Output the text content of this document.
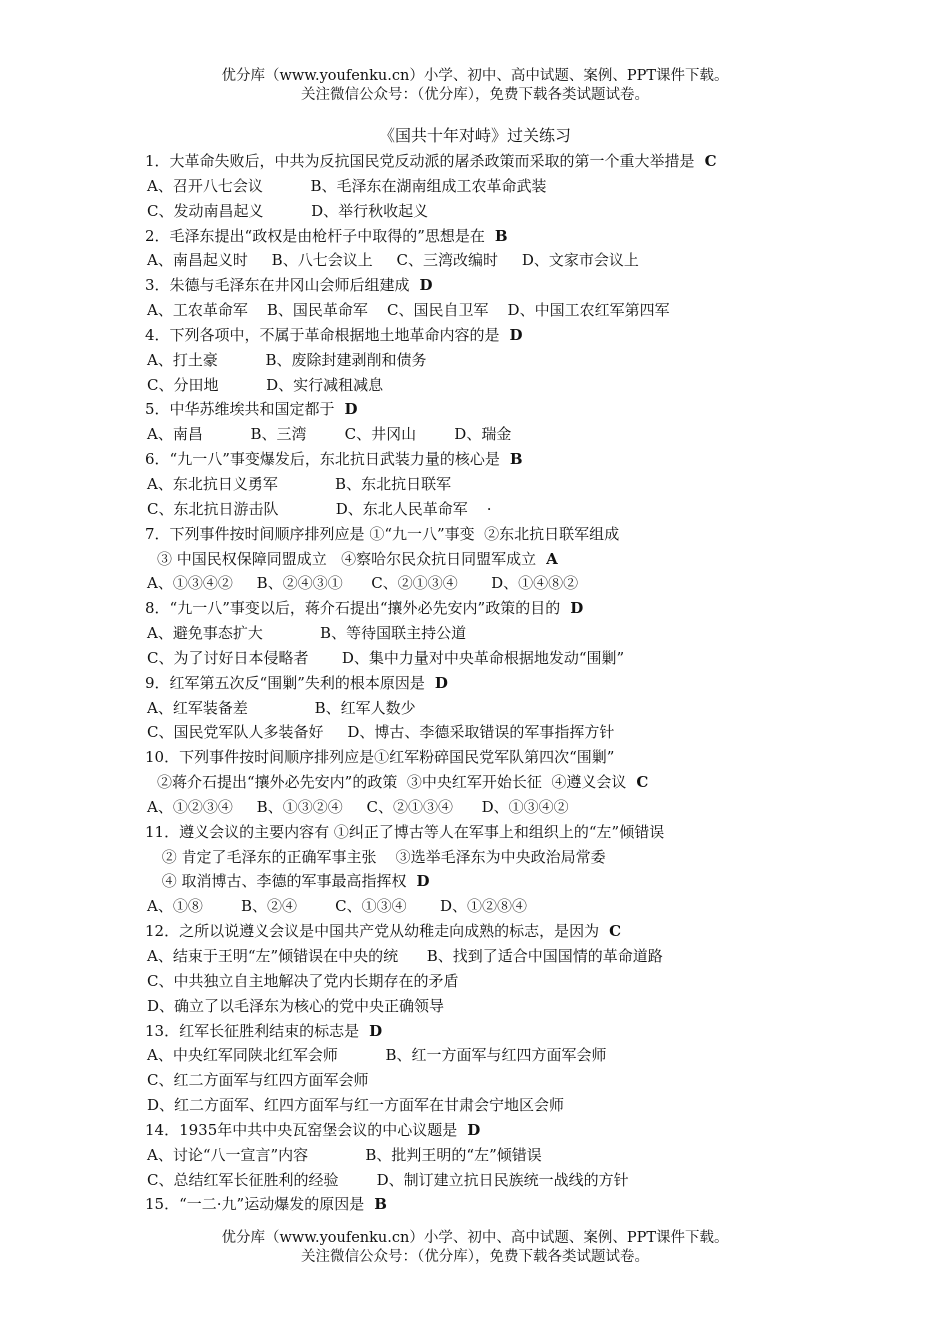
优分库（www.youfenku.cn）小学、初中、高中试题、案例、PPT课件下载。
关注微信公众号：（优分库），免费下载各类试题试卷。
《国共十年对峙》过关练习
1．大革命失败后，中共为反抗国民党反动派的屠杀政策而采取的第一个重大举措是 C
A、召开八七会议          B、毛泽东在湖南组成工农革命武装
C、发动南昌起义          D、举行秋收起义
2．毛泽东提出“政权是由枪杆子中取得的”思想是在 B
A、南昌起义时     B、八七会议上     C、三湾改编时     D、文家市会议上
3．朱德与毛泽东在井冈山会师后组建成 D
A、工农革命军    B、国民革命军    C、国民自卫军    D、中国工农红军第四军
4．下列各项中，不属于革命根据地土地革命内容的是 D
A、打土豪          B、废除封建剥削和债务
C、分田地          D、实行减租减息
5．中华苏维埃共和国定都于 D
A、南昌          B、三湾        C、井冈山        D、瑞金
6．“九一八”事变爆发后，东北抗日武装力量的核心是 B
A、东北抗日义勇军            B、东北抗日联军
C、东北抗日游击队            D、东北人民革命军    ·
7．下列事件按时间顺序排列应是 ①“九一八”事变  ②东北抗日联军组成
③ 中国民权保障同盟成立   ④察哈尔民众抗日同盟军成立 A
A、①③④②     B、②④③①      C、②①③④       D、①④⑧②
8．“九一八”事变以后，蒋介石提出“攘外必先安内”政策的目的 D
A、避免事态扩大            B、等待国联主持公道
C、为了讨好日本侵略者       D、集中力量对中央革命根据地发动“围剿”
9．红军第五次反“围剿”失利的根本原因是 D
A、红军装备差              B、红军人数少
C、国民党军队人多装备好     D、博古、李德采取错误的军事指挥方针
10．下列事件按时间顺序排列应是①红军粉碎国民党军队第四次“围剿”
②蒋介石提出“攘外必先安内”的政策  ③中央红军开始长征  ④遵义会议 C
A、①②③④     B、①③②④     C、②①③④      D、①③④②
11．遵义会议的主要内容有 ①纠正了博古等人在军事上和组织上的“左”倾错误
② 肯定了毛泽东的正确军事主张    ③选举毛泽东为中央政治局常委
④ 取消博古、李德的军事最高指挥权 D
A、①⑧        B、②④        C、①③④       D、①②⑧④
12．之所以说遵义会议是中国共产党从幼稚走向成熟的标志，是因为 C
A、结束于王明“左”倾错误在中央的统      B、找到了适合中国国情的革命道路
C、中共独立自主地解决了党内长期存在的矛盾
D、确立了以毛泽东为核心的党中央正确领导
13．红军长征胜利结束的标志是 D
A、中央红军同陕北红军会师          B、红一方面军与红四方面军会师
C、红二方面军与红四方面军会师
D、红二方面军、红四方面军与红一方面军在甘肃会宁地区会师
14．1935年中共中央瓦窑堡会议的中心议题是 D
A、讨论“八一宣言”内容            B、批判王明的“左”倾错误
C、总结红军长征胜利的经验        D、制订建立抗日民族统一战线的方针
15．“一二·九”运动爆发的原因是 B
优分库（www.youfenku.cn）小学、初中、高中试题、案例、PPT课件下载。
关注微信公众号：（优分库），免费下载各类试题试卷。
